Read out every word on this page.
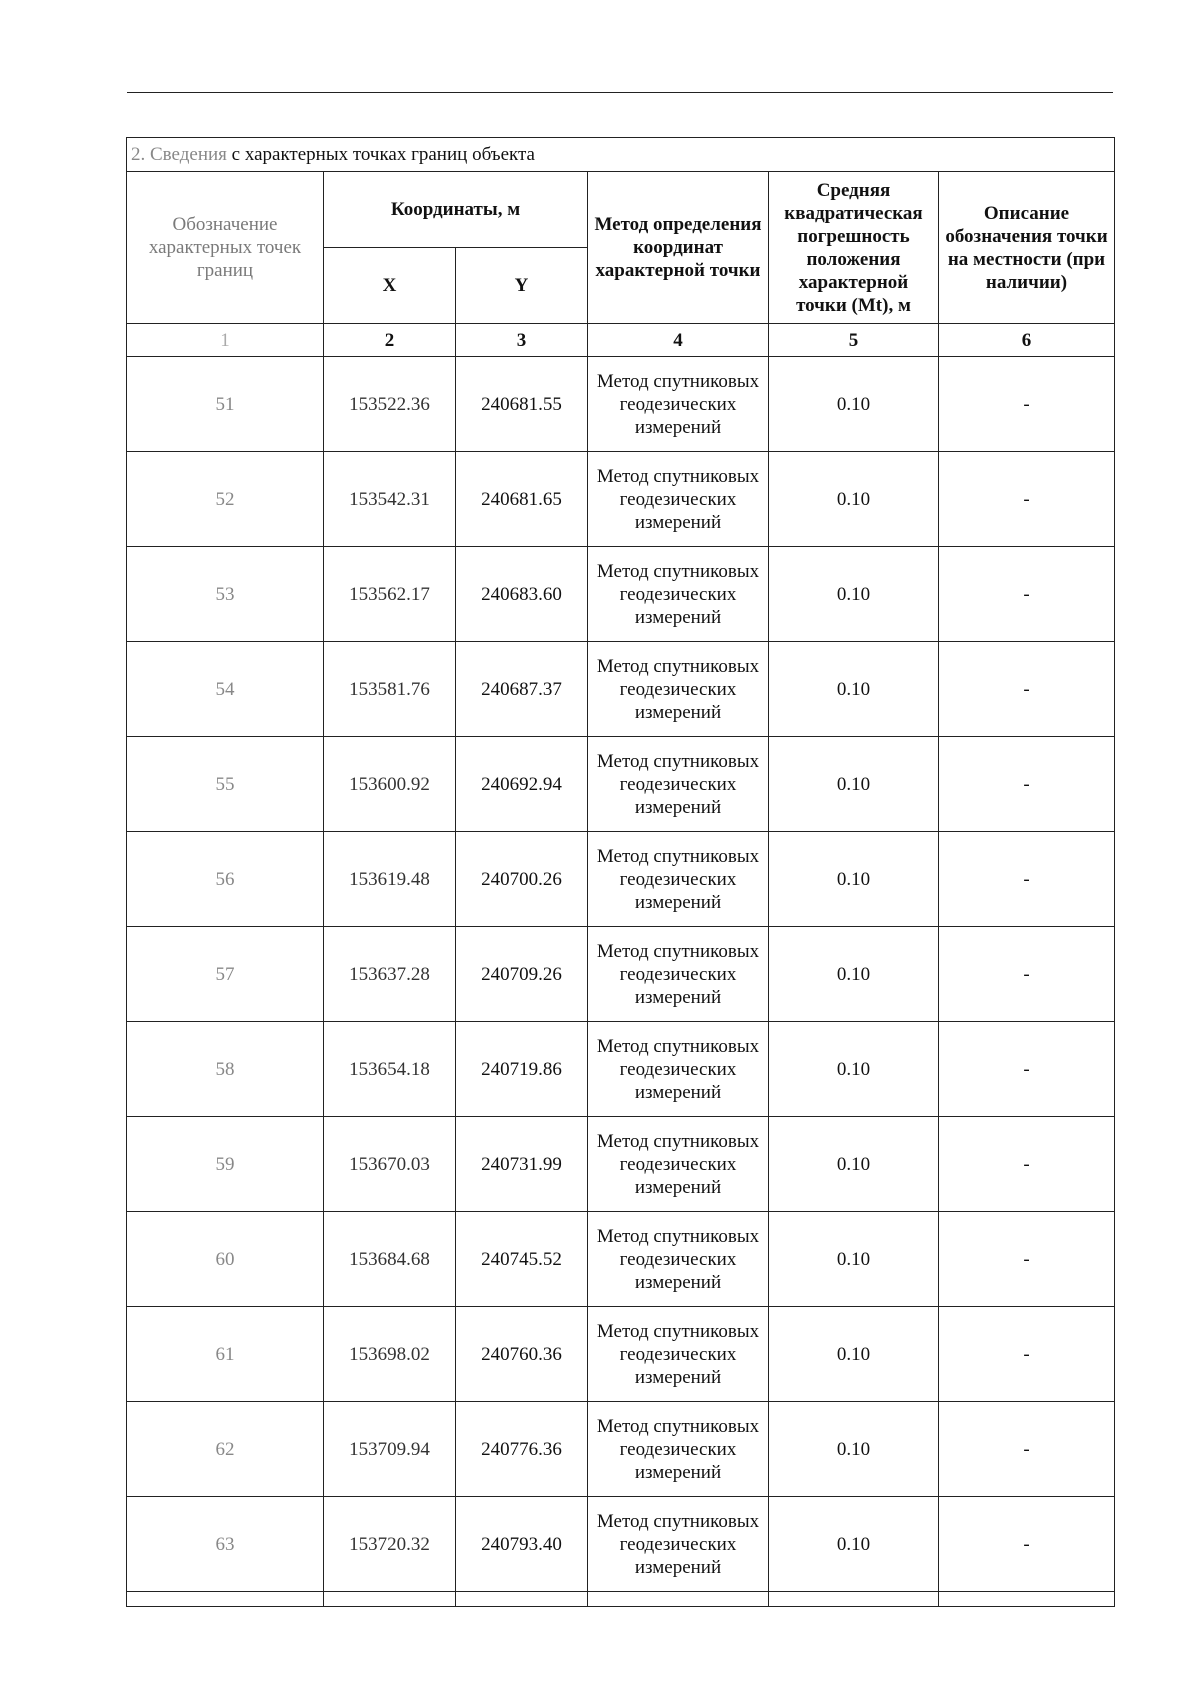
2. Сведения с характерных точках границ объекта					
Обозначение характерных точек границ	Координаты, м		Метод определения координат характерной точки	Средняя квадратическая погрешность положения характерной точки (Mt), м	Описание обозначения точки на местности (при наличии)
	X	Y			
1	2	3	4	5	6
51	153522.36	240681.55	Метод спутниковых геодезических измерений	0.10	-
52	153542.31	240681.65	Метод спутниковых геодезических измерений	0.10	-
53	153562.17	240683.60	Метод спутниковых геодезических измерений	0.10	-
54	153581.76	240687.37	Метод спутниковых геодезических измерений	0.10	-
55	153600.92	240692.94	Метод спутниковых геодезических измерений	0.10	-
56	153619.48	240700.26	Метод спутниковых геодезических измерений	0.10	-
57	153637.28	240709.26	Метод спутниковых геодезических измерений	0.10	-
58	153654.18	240719.86	Метод спутниковых геодезических измерений	0.10	-
59	153670.03	240731.99	Метод спутниковых геодезических измерений	0.10	-
60	153684.68	240745.52	Метод спутниковых геодезических измерений	0.10	-
61	153698.02	240760.36	Метод спутниковых геодезических измерений	0.10	-
62	153709.94	240776.36	Метод спутниковых геодезических измерений	0.10	-
63	153720.32	240793.40	Метод спутниковых геодезических измерений	0.10	-
